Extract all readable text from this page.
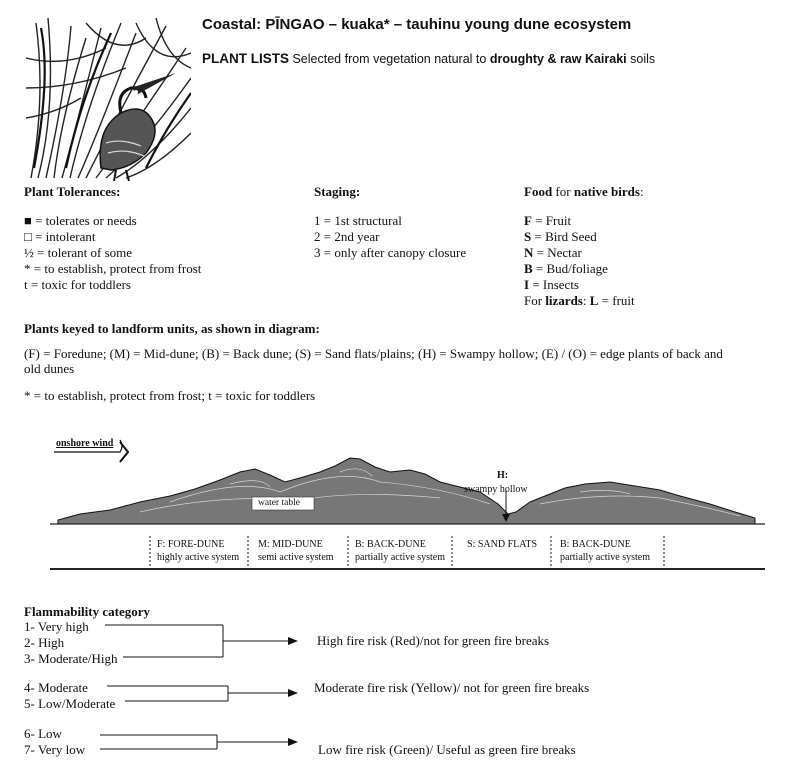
Coastal: PĪNGAO – kuaka* – tauhinu young dune ecosystem
PLANT LISTS Selected from vegetation natural to droughty & raw Kairaki soils
Plant Tolerances:
■ = tolerates or needs
□ = intolerant
½ = tolerant of some
* = to establish, protect from frost
t = toxic for toddlers
Staging:
1 = 1st structural
2 = 2nd year
3 = only after canopy closure
Food for native birds:
F = Fruit
S = Bird Seed
N = Nectar
B = Bud/foliage
I = Insects
For lizards: L = fruit
Plants keyed to landform units, as shown in diagram:
(F) = Foredune; (M) = Mid-dune; (B) = Back dune; (S) = Sand flats/plains; (H) = Swampy hollow; (E) / (O) = edge plants of back and
old dunes
* = to establish, protect from frost; t = toxic for toddlers
onshore wind
water table
H:
swampy hollow
F: FORE-DUNE
highly active system
M: MID-DUNE
semi active system
B: BACK-DUNE
partially active system
S: SAND FLATS B: BACK-DUNE
partially active system
Flammability category
1- Very high
2- High
3- Moderate/High
4- Moderate
5- Low/Moderate
6- Low
7- Very low
High fire risk (Red)/not for green fire breaks
Moderate fire risk (Yellow)/ not for green fire breaks
Low fire risk (Green)/ Useful as green fire breaks
